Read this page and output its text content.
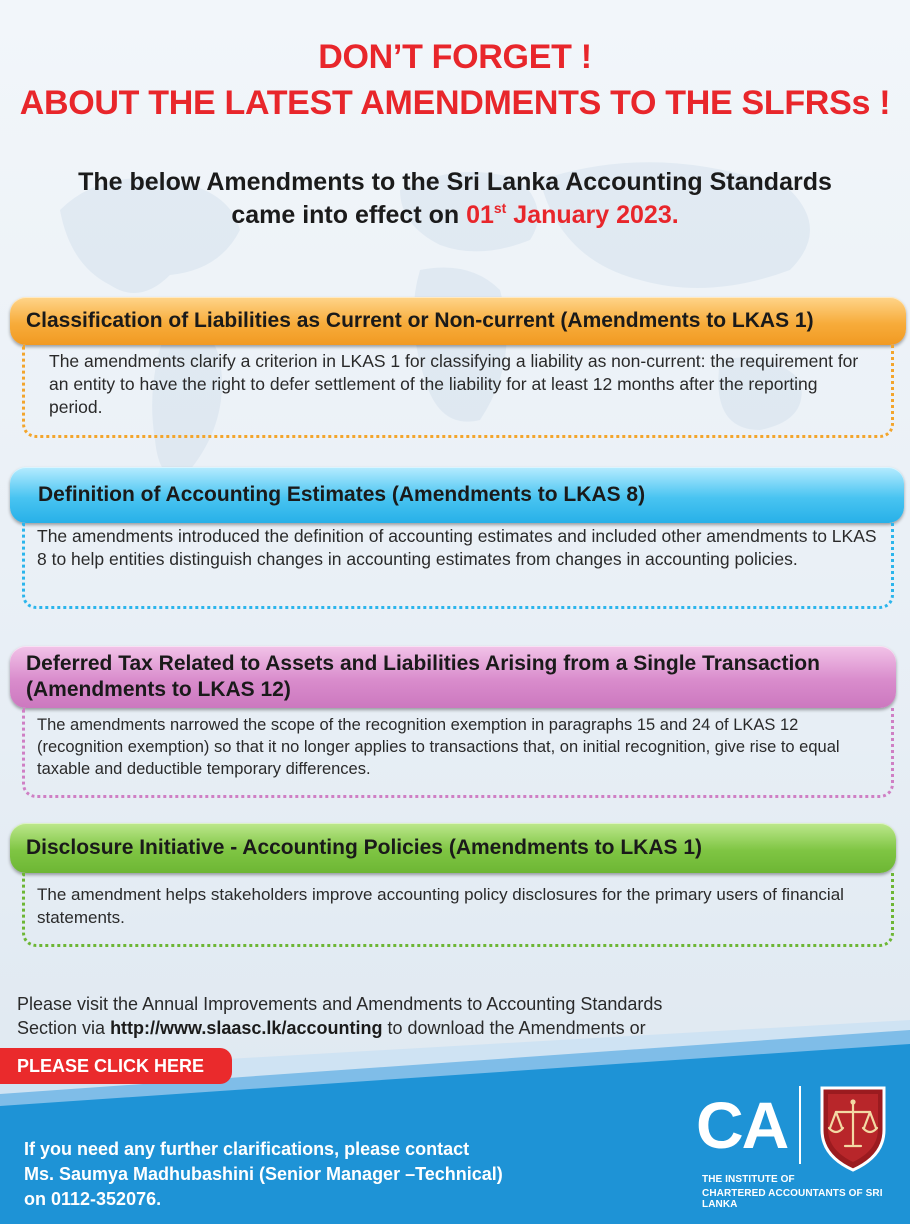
DON’T FORGET !
ABOUT THE LATEST AMENDMENTS TO THE SLFRSs !
The below Amendments to the Sri Lanka Accounting Standards
came into effect on 01st January 2023.
Classification of Liabilities as Current or Non-current (Amendments to LKAS 1)
The amendments clarify a criterion in LKAS 1 for classifying a liability as non-current: the requirement for an entity to have the right to defer settlement of the liability for at least 12 months after the reporting period.
Definition of Accounting Estimates (Amendments to LKAS 8)
The amendments introduced the definition of accounting estimates and included other amendments to LKAS 8 to help entities distinguish changes in accounting estimates from changes in accounting policies.
Deferred Tax Related to Assets and Liabilities Arising from a Single Transaction (Amendments to LKAS 12)
The amendments narrowed the scope of the recognition exemption in paragraphs 15 and 24 of LKAS 12 (recognition exemption) so that it no longer applies to transactions that, on initial recognition, give rise to equal taxable and deductible temporary differences.
Disclosure Initiative - Accounting Policies (Amendments to LKAS 1)
The amendment helps stakeholders improve accounting policy disclosures for the primary users of financial statements.
Please visit the Annual Improvements and Amendments to Accounting Standards
Section via http://www.slaasc.lk/accounting to download the Amendments or
PLEASE CLICK HERE
If you need any further clarifications, please contact
Ms. Saumya Madhubashini (Senior Manager –Technical)
on 0112-352076.
CA
THE INSTITUTE OF
CHARTERED ACCOUNTANTS OF SRI LANKA
